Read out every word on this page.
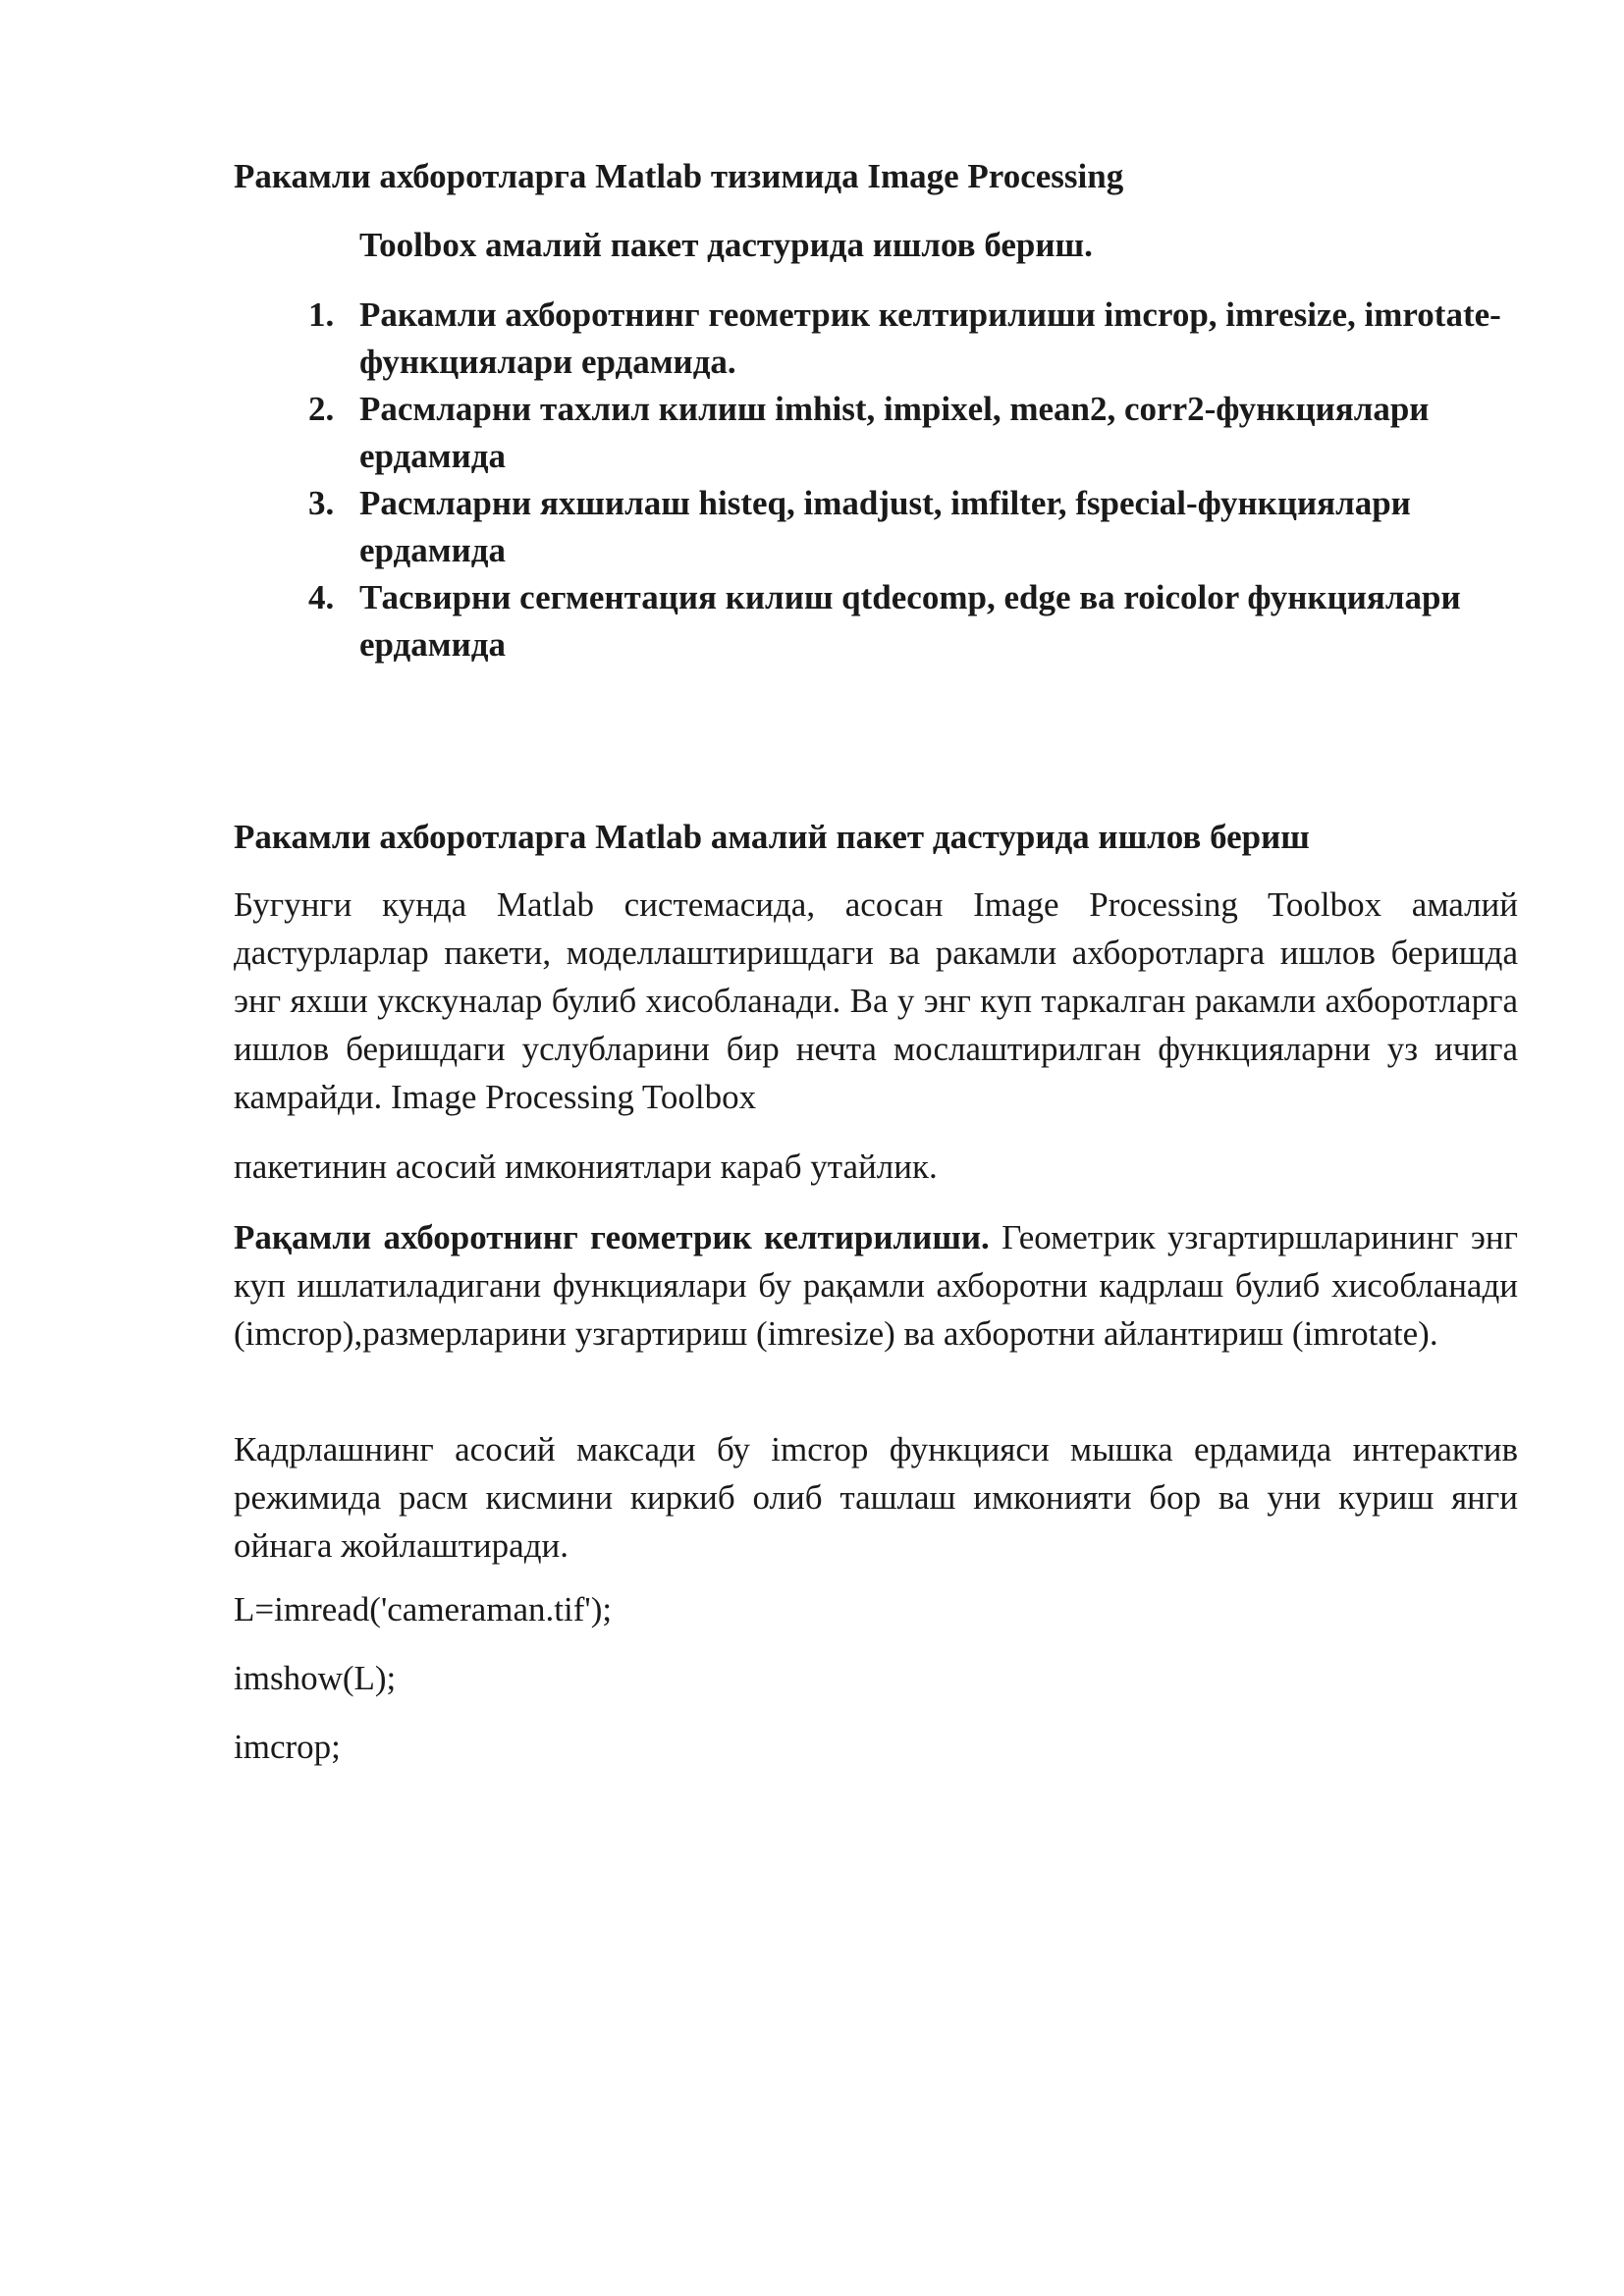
Ракамли ахборотларга Matlab тизимида Image Processing
Toolbox амалий пакет дастурида ишлов бериш.
1. Ракамли ахборотнинг геометрик келтирилиши imcrop, imresize, imrotate-функциялари ердамида.
2. Расмларни тахлил килиш imhist, impixel, mean2, corr2-функциялари ердамида
3. Расмларни яхшилаш histeq, imadjust, imfilter, fspecial-функциялари ердамида
4. Тасвирни сегментация килиш qtdecomp, edge ва roicolor функциялари ердамида
Ракамли ахборотларга Matlab амалий пакет дастурида ишлов бериш

Бугунги кунда Matlab системасида, асосан Image Processing Toolbox амалий дастурларлар пакети, моделлаштиришдаги ва ракамли ахборотларга ишлов беришда энг яхши укскуналар булиб хисобланади. Ва у энг куп таркалган ракамли ахборотларга ишлов беришдаги услубларини бир нечта мослаштирилган функцияларни уз ичига камрайди. Image Processing Toolbox

пакетинин асосий имкониятлари караб утайлик.

Рақамли ахборотнинг геометрик келтирилиши. Геометрик узгартиршларининг энг куп ишлатиладигани функциялари бу рақамли ахборотни кадрлаш булиб хисобланади (imcrop),размерларини узгартириш (imresize) ва ахборотни айлантириш (imrotate).

Кадрлашнинг асосий максади бу imcrop функцияси мышка ердамида интерактив режимида расм кисмини киркиб олиб ташлаш имконияти бор ва уни куриш янги ойнага жойлаштиради.

L=imread('cameraman.tif');
imshow(L);
imcrop;
